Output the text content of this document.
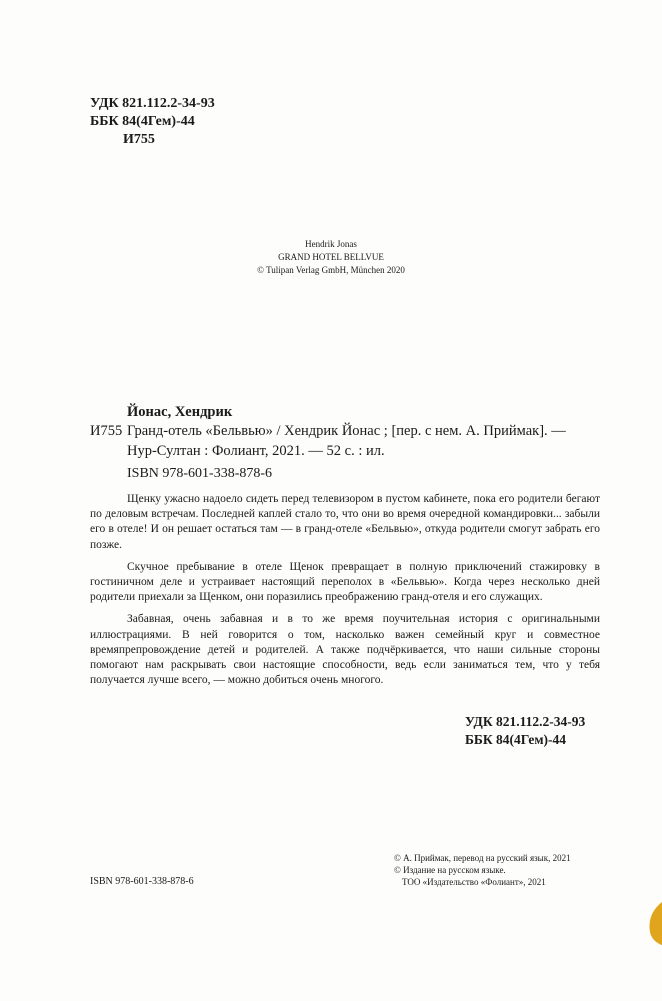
УДК 821.112.2-34-93
ББК 84(4Гем)-44
И755
Hendrik Jonas
GRAND HOTEL BELLVUE
© Tulipan Verlag GmbH, München 2020
Йонас, Хендрик
И755 Гранд-отель «Бельвью» / Хендрик Йонас ; [пер. с нем. А. Приймак]. —
Нур-Султан : Фолиант, 2021. — 52 с. : ил.
ISBN 978-601-338-878-6

Щенку ужасно надоело сидеть перед телевизором в пустом кабинете, пока его родители бегают по деловым встречам. Последней каплей стало то, что они во время очередной командировки... забыли его в отеле! И он решает остаться там — в гранд-отеле «Бельвью», откуда родители смогут забрать его позже.

Скучное пребывание в отеле Щенок превращает в полную приключений стажировку в гостиничном деле и устраивает настоящий переполох в «Бельвью». Когда через несколько дней родители приехали за Щенком, они поразились преображению гранд-отеля и его служащих.

Забавная, очень забавная и в то же время поучительная история с оригинальными иллюстрациями. В ней говорится о том, насколько важен семейный круг и совместное времяпрепровождение детей и родителей. А также подчёркивается, что наши сильные стороны помогают нам раскрывать свои настоящие способности, ведь если заниматься тем, что у тебя получается лучше всего, — можно добиться очень многого.

УДК 821.112.2-34-93
ББК 84(4Гем)-44
© А. Приймак, перевод на русский язык, 2021
© Издание на русском языке.
ТОО «Издательство «Фолиант», 2021
ISBN 978-601-338-878-6
